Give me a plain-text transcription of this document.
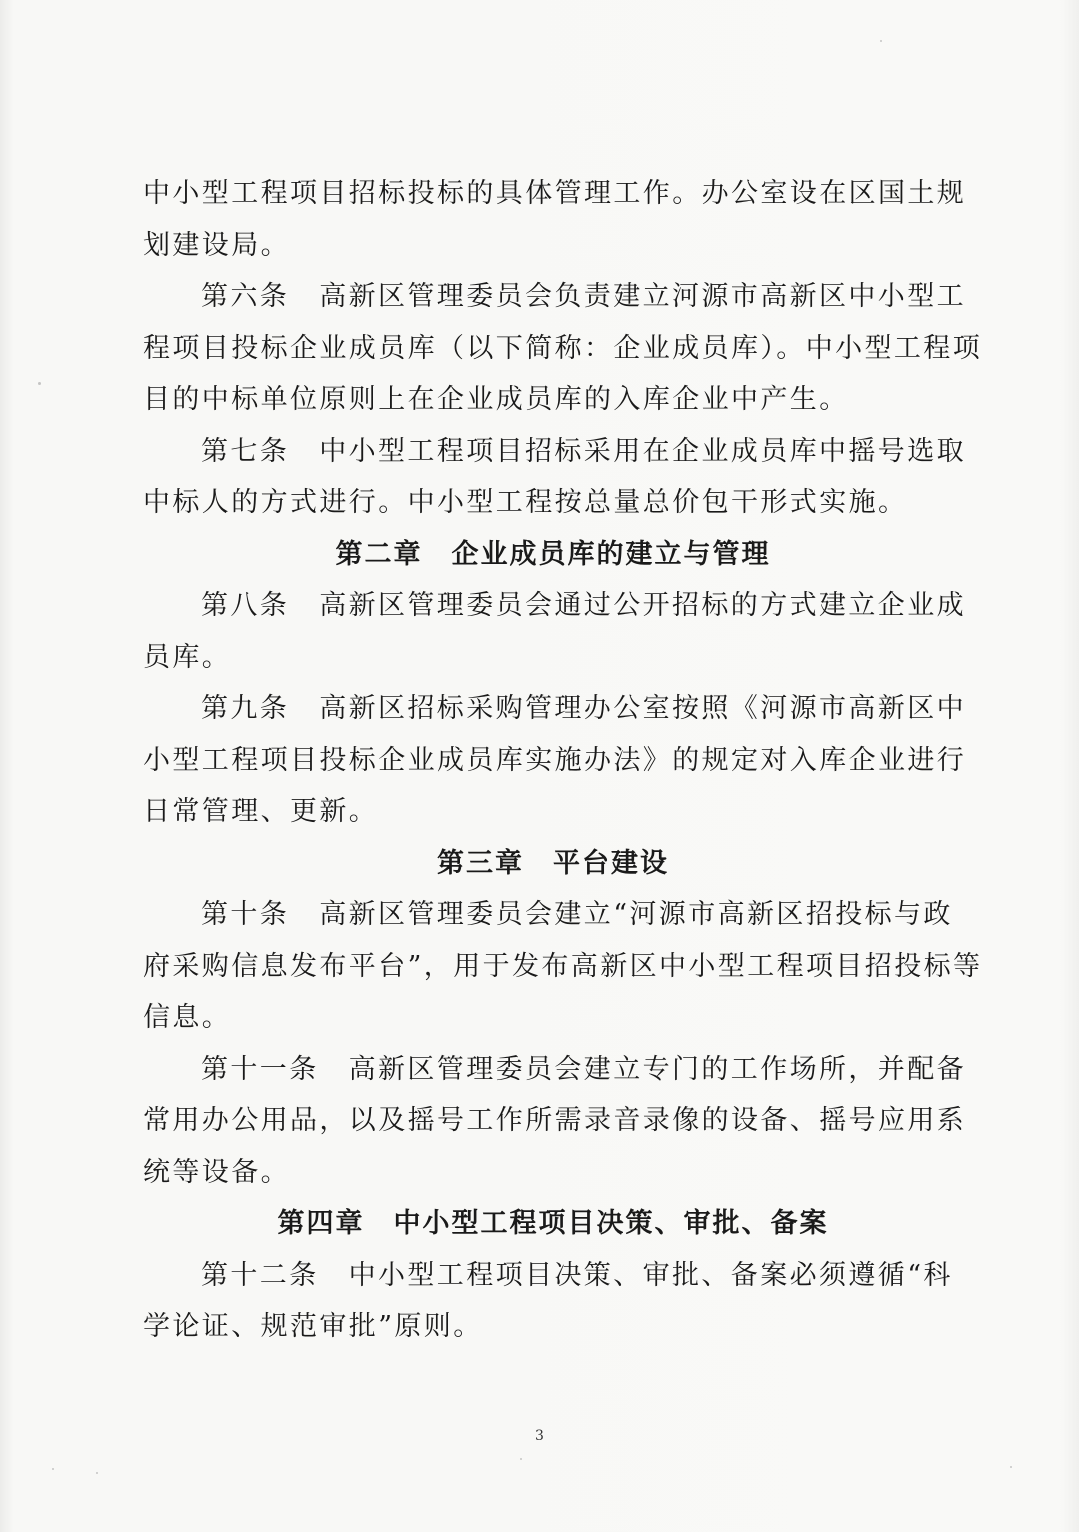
中小型工程项目招标投标的具体管理工作。办公室设在区国土规
划建设局。
第六条 高新区管理委员会负责建立河源市高新区中小型工
程项目投标企业成员库（以下简称：企业成员库）。中小型工程项
目的中标单位原则上在企业成员库的入库企业中产生。
第七条 中小型工程项目招标采用在企业成员库中摇号选取
中标人的方式进行。中小型工程按总量总价包干形式实施。
第二章　企业成员库的建立与管理
第八条 高新区管理委员会通过公开招标的方式建立企业成
员库。
第九条 高新区招标采购管理办公室按照《河源市高新区中
小型工程项目投标企业成员库实施办法》的规定对入库企业进行
日常管理、更新。
第三章　平台建设
第十条 高新区管理委员会建立“河源市高新区招投标与政
府采购信息发布平台”，用于发布高新区中小型工程项目招投标等
信息。
第十一条 高新区管理委员会建立专门的工作场所，并配备
常用办公用品，以及摇号工作所需录音录像的设备、摇号应用系
统等设备。
第四章　中小型工程项目决策、审批、备案
第十二条 中小型工程项目决策、审批、备案必须遵循“科
学论证、规范审批”原则。
3
